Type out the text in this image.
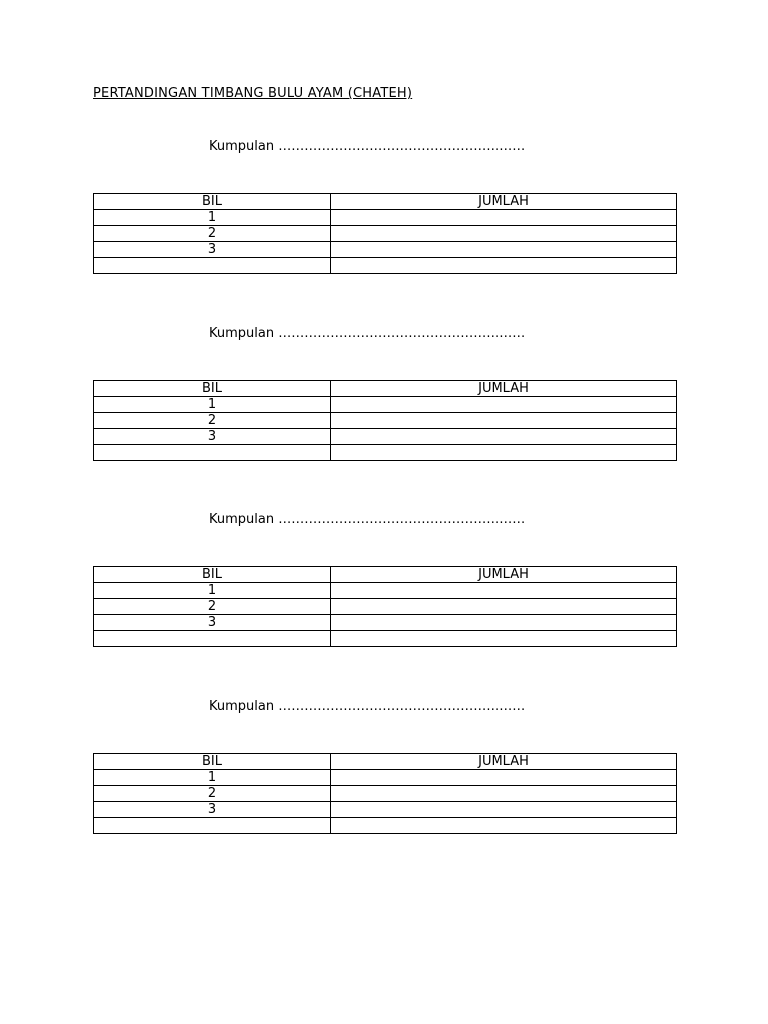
PERTANDINGAN TIMBANG BULU AYAM (CHATEH)
Kumpulan …………………………………………………
BIL	JUMLAH
1	
2	
3	

Kumpulan …………………………………………………
BIL	JUMLAH
1	
2	
3	

Kumpulan …………………………………………………
BIL	JUMLAH
1	
2	
3	

Kumpulan …………………………………………………
BIL	JUMLAH
1	
2	
3	
